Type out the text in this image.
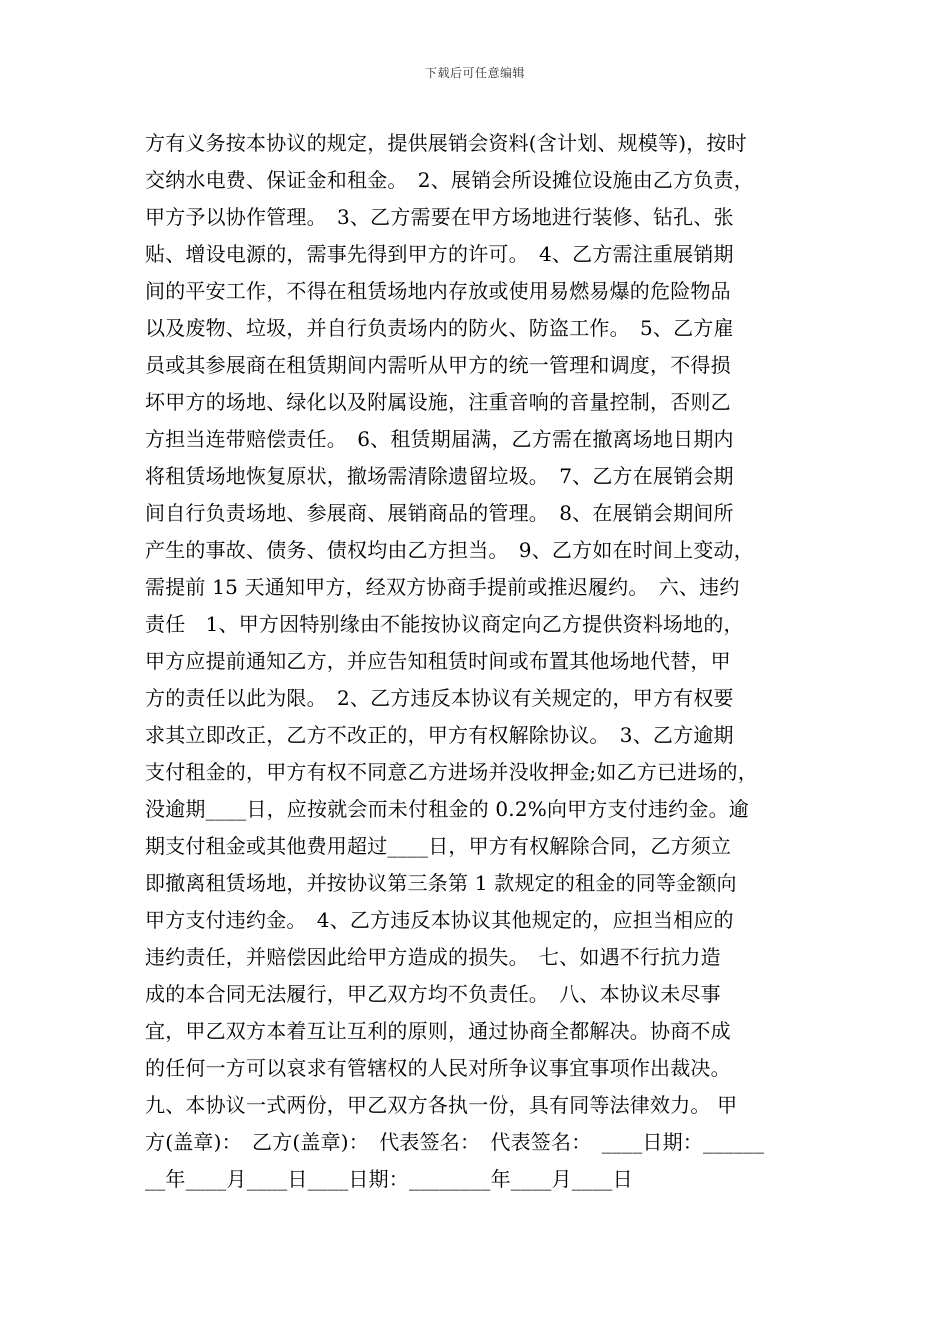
下载后可任意编辑
方有义务按本协议的规定，提供展销会资料(含计划、规模等)，按时
交纳水电费、保证金和租金。　2、展销会所设摊位设施由乙方负责，
甲方予以协作管理。　3、乙方需要在甲方场地进行装修、钻孔、张
贴、增设电源的，需事先得到甲方的许可。　4、乙方需注重展销期
间的平安工作，不得在租赁场地内存放或使用易燃易爆的危险物品
以及废物、垃圾，并自行负责场内的防火、防盗工作。　5、乙方雇
员或其参展商在租赁期间内需听从甲方的统一管理和调度，不得损
坏甲方的场地、绿化以及附属设施，注重音响的音量控制，否则乙
方担当连带赔偿责任。　6、租赁期届满，乙方需在撤离场地日期内
将租赁场地恢复原状，撤场需清除遗留垃圾。　7、乙方在展销会期
间自行负责场地、参展商、展销商品的管理。　8、在展销会期间所
产生的事故、债务、债权均由乙方担当。　9、乙方如在时间上变动，
需提前 15 天通知甲方，经双方协商手提前或推迟履约。　六、违约
责任　1、甲方因特别缘由不能按协议商定向乙方提供资料场地的，
甲方应提前通知乙方，并应告知租赁时间或布置其他场地代替，甲
方的责任以此为限。　2、乙方违反本协议有关规定的，甲方有权要
求其立即改正，乙方不改正的，甲方有权解除协议。　3、乙方逾期
支付租金的，甲方有权不同意乙方进场并没收押金;如乙方已进场的，
没逾期____日，应按就会而未付租金的 0.2%向甲方支付违约金。逾
期支付租金或其他费用超过____日，甲方有权解除合同，乙方须立
即撤离租赁场地，并按协议第三条第 1 款规定的租金的同等金额向
甲方支付违约金。　4、乙方违反本协议其他规定的，应担当相应的
违约责任，并赔偿因此给甲方造成的损失。　七、如遇不行抗力造
成的本合同无法履行，甲乙双方均不负责任。　八、本协议未尽事
宜，甲乙双方本着互让互利的原则，通过协商全都解决。协商不成
的任何一方可以哀求有管辖权的人民对所争议事宜事项作出裁决。
九、本协议一式两份，甲乙双方各执一份，具有同等法律效力。 甲
方(盖章)：　乙方(盖章)：　代表签名：　代表签名：　____日期：______
__年____月____日____日期：________年____月____日
